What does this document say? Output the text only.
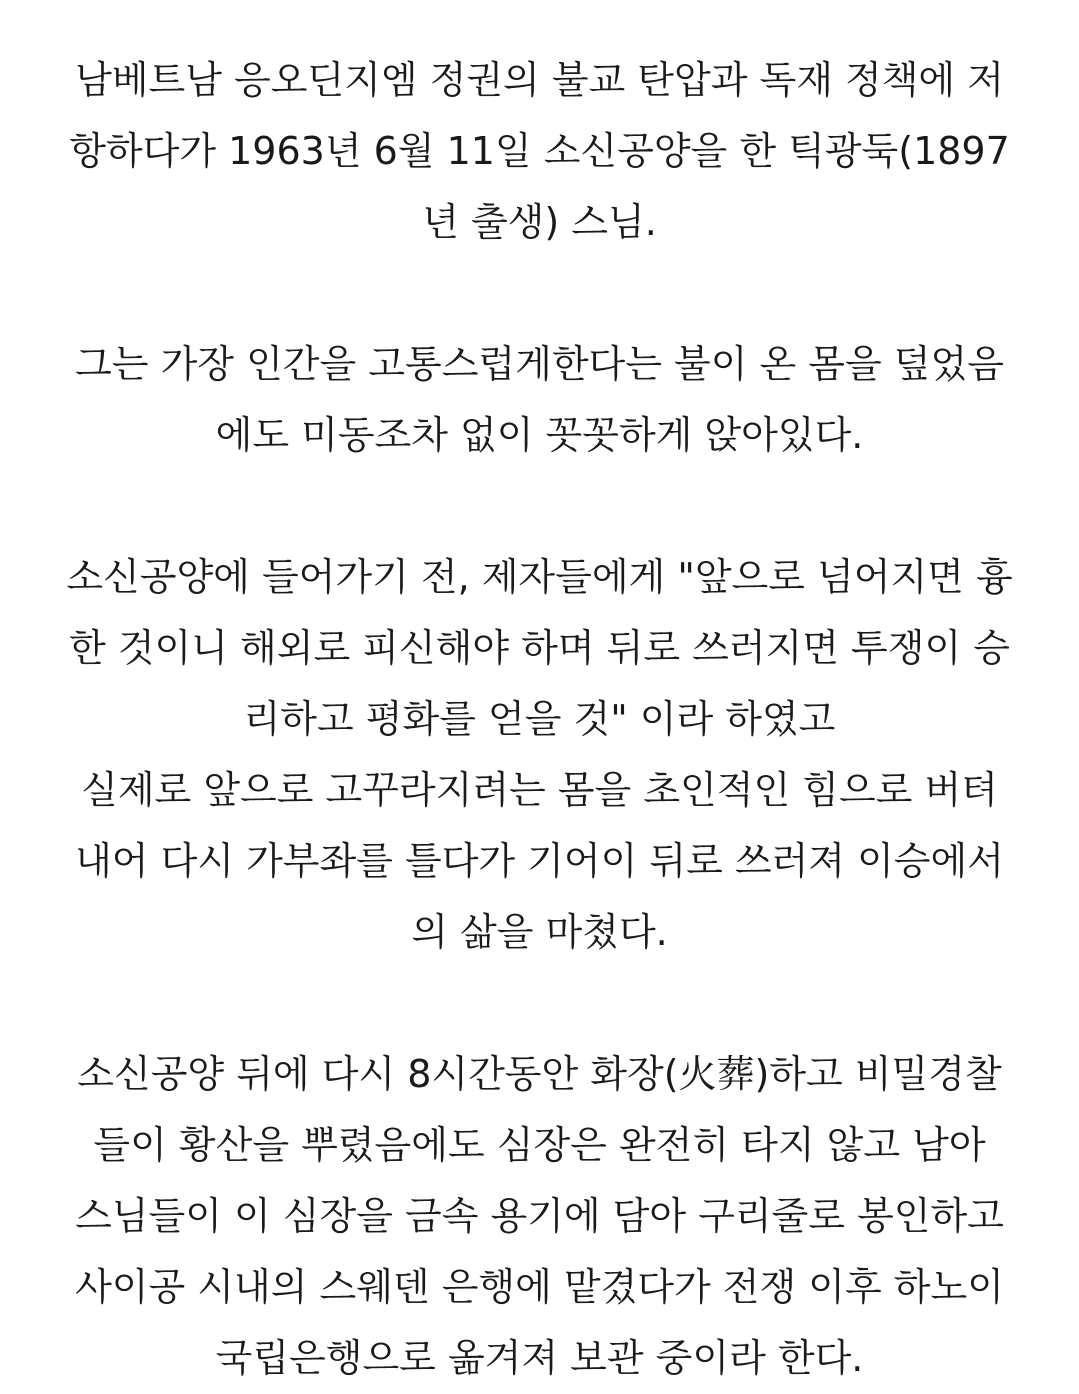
남베트남 응오딘지엠 정권의 불교 탄압과 독재 정책에 저
항하다가 1963년 6월 11일 소신공양을 한 틱광둑(1897
년 출생) 스님.
그는 가장 인간을 고통스럽게한다는 불이 온 몸을 덮었음
에도 미동조차 없이 꼿꼿하게 앉아있다.
소신공양에 들어가기 전, 제자들에게 "앞으로 넘어지면 흉
한 것이니 해외로 피신해야 하며 뒤로 쓰러지면 투쟁이 승
리하고 평화를 얻을 것" 이라 하였고
실제로 앞으로 고꾸라지려는 몸을 초인적인 힘으로 버텨
내어 다시 가부좌를 틀다가 기어이 뒤로 쓰러져 이승에서
의 삶을 마쳤다.
소신공양 뒤에 다시 8시간동안 화장(火葬)하고 비밀경찰
들이 황산을 뿌렸음에도 심장은 완전히 타지 않고 남아
스님들이 이 심장을 금속 용기에 담아 구리줄로 봉인하고
사이공 시내의 스웨덴 은행에 맡겼다가 전쟁 이후 하노이
국립은행으로 옮겨져 보관 중이라 한다.
